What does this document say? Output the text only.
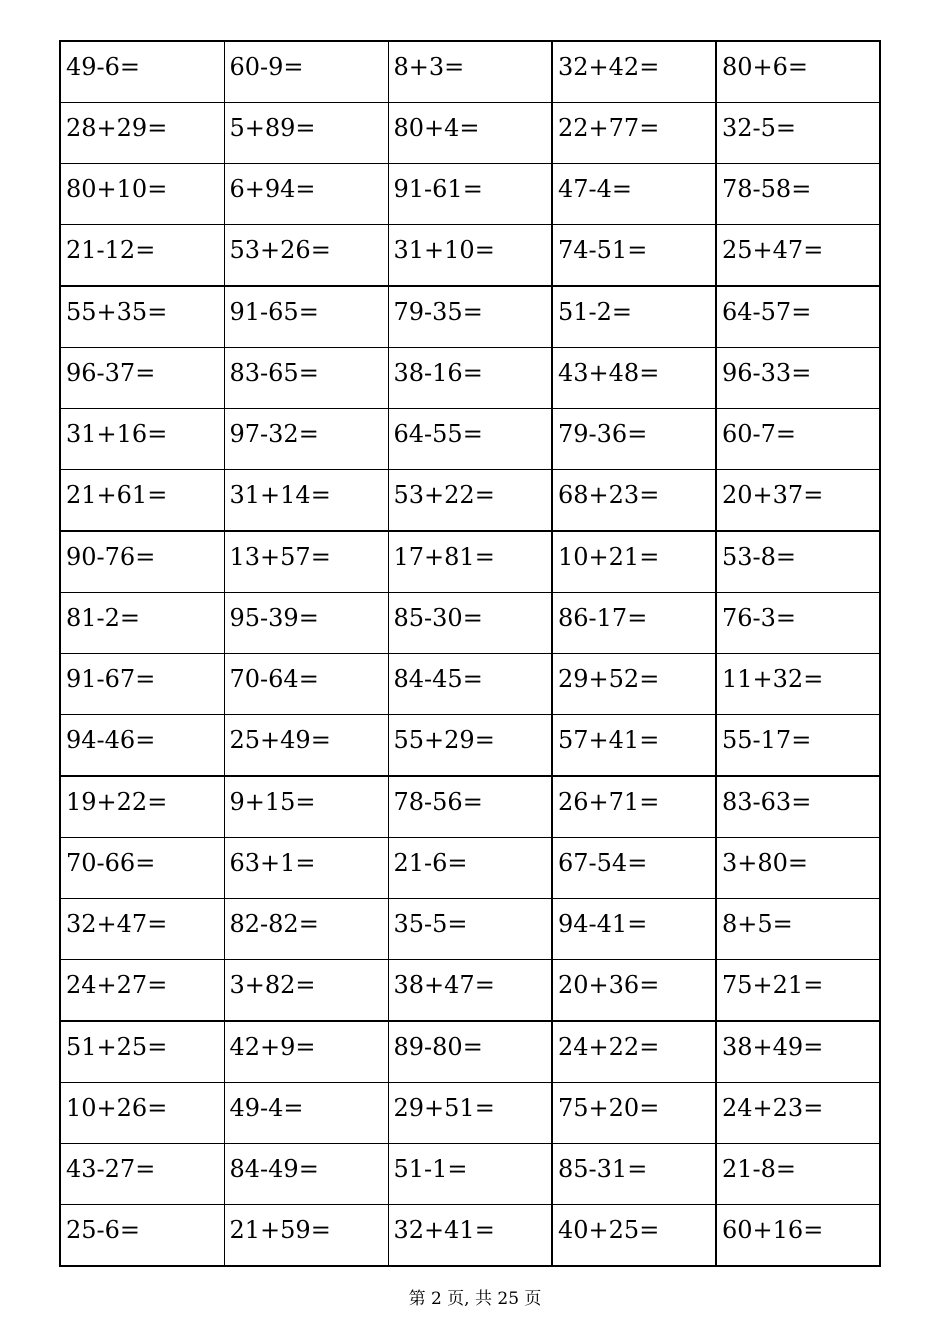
49-6=	60-9=	8+3=	32+42=	80+6=
28+29=	5+89=	80+4=	22+77=	32-5=
80+10=	6+94=	91-61=	47-4=	78-58=
21-12=	53+26=	31+10=	74-51=	25+47=
55+35=	91-65=	79-35=	51-2=	64-57=
96-37=	83-65=	38-16=	43+48=	96-33=
31+16=	97-32=	64-55=	79-36=	60-7=
21+61=	31+14=	53+22=	68+23=	20+37=
90-76=	13+57=	17+81=	10+21=	53-8=
81-2=	95-39=	85-30=	86-17=	76-3=
91-67=	70-64=	84-45=	29+52=	11+32=
94-46=	25+49=	55+29=	57+41=	55-17=
19+22=	9+15=	78-56=	26+71=	83-63=
70-66=	63+1=	21-6=	67-54=	3+80=
32+47=	82-82=	35-5=	94-41=	8+5=
24+27=	3+82=	38+47=	20+36=	75+21=
51+25=	42+9=	89-80=	24+22=	38+49=
10+26=	49-4=	29+51=	75+20=	24+23=
43-27=	84-49=	51-1=	85-31=	21-8=
25-6=	21+59=	32+41=	40+25=	60+16=
第 2 页, 共 25 页
